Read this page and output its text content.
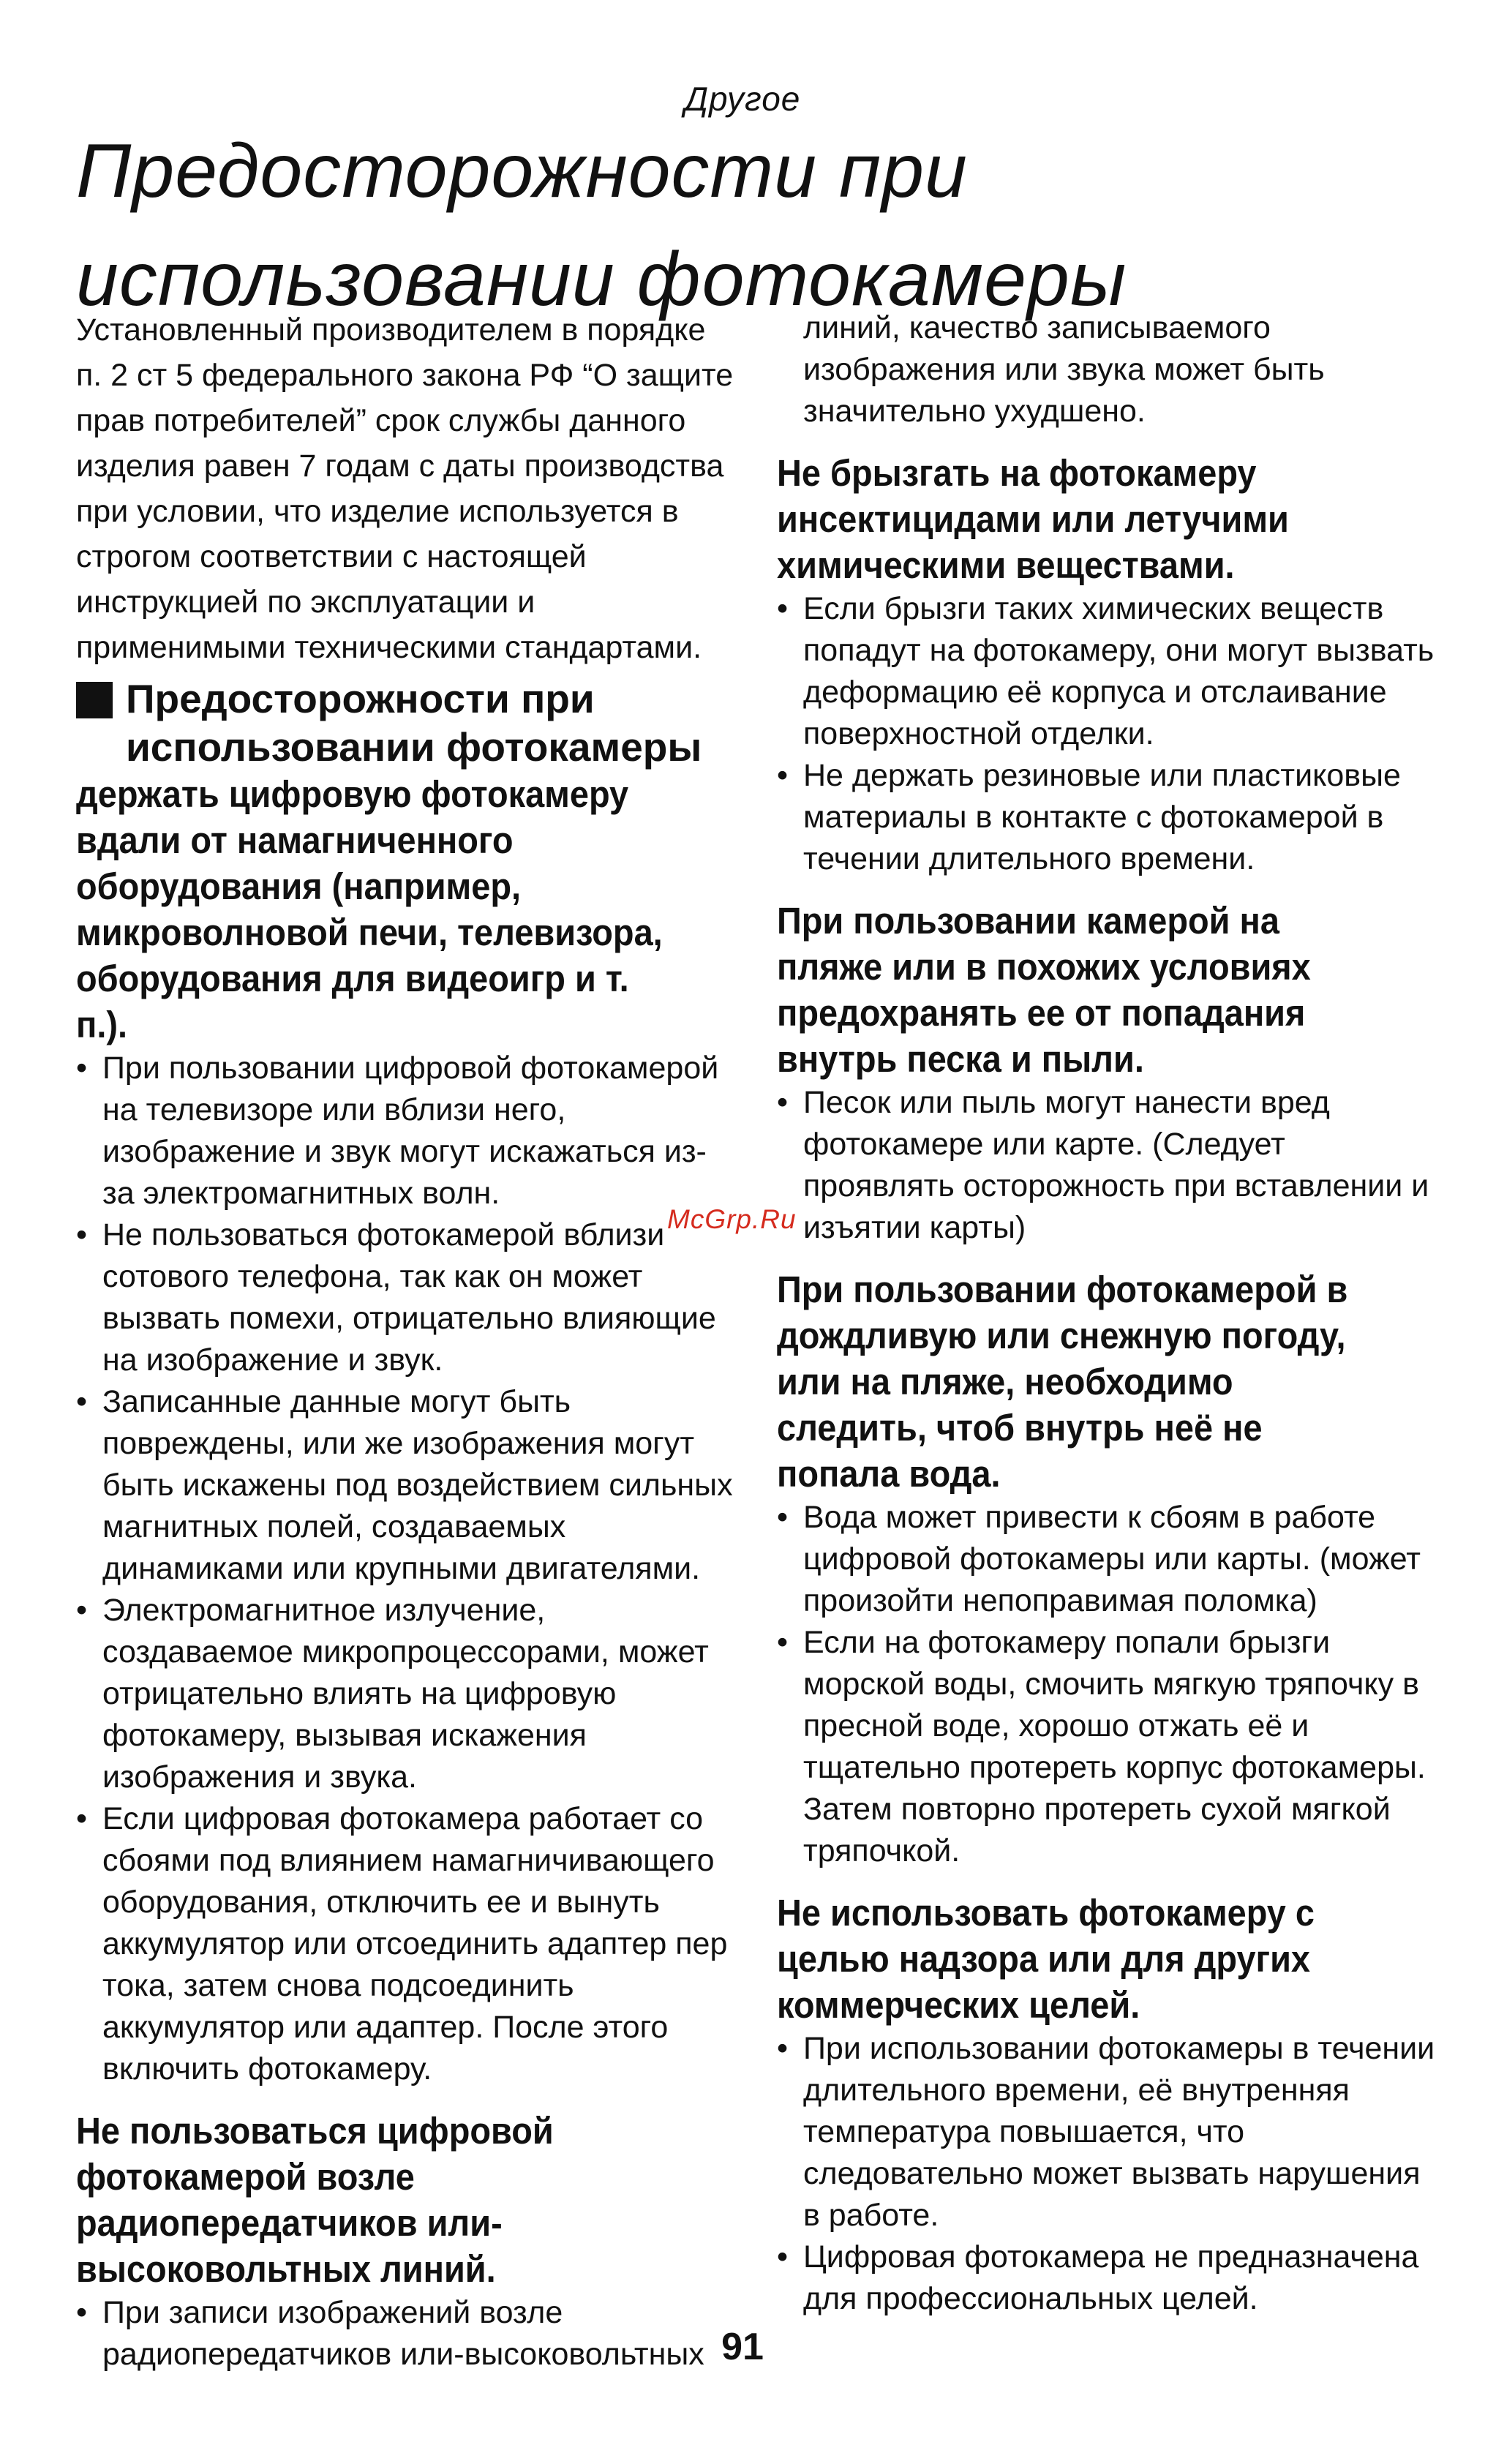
Другое
Предосторожности при использовании фотокамеры

Установленный производителем в порядке п. 2 ст 5 федерального закона РФ “О защите прав потребителей” срок службы данного изделия равен 7 годам с даты производства при условии, что изделие используется в строгом соответствии с настоящей инструкцией по эксплуатации и применимыми техническими стандартами.

Предосторожности при использовании фотокамеры
держать цифровую фотокамеру вдали от намагниченного оборудования (например, микроволновой печи, телевизора, оборудования для видеоигр и т. п.).
• При пользовании цифровой фотокамерой на телевизоре или вблизи него, изображение и звук могут искажаться из-за электромагнитных волн.
• Не пользоваться фотокамерой вблизи сотового телефона, так как он может вызвать помехи, отрицательно влияющие на изображение и звук.
• Записанные данные могут быть повреждены, или же изображения могут быть искажены под воздействием сильных магнитных полей, создаваемых динамиками или крупными двигателями.
• Электромагнитное излучение, создаваемое микропроцессорами, может отрицательно влиять на цифровую фотокамеру, вызывая искажения изображения и звука.
• Если цифровая фотокамера работает со сбоями под влиянием намагничивающего оборудования, отключить ее и вынуть аккумулятор или отсоединить адаптер пер тока, затем снова подсоединить аккумулятор или адаптер. После этого включить фотокамеру.
Не пользоваться цифровой фотокамерой возле радиопередатчиков или-высоковольтных линий.
• При записи изображений возле радиопередатчиков или-высоковольтных

линий, качество записываемого изображения или звука может быть значительно ухудшено.

Не брызгать на фотокамеру инсектицидами или летучими химическими веществами.
• Если брызги таких химических веществ попадут на фотокамеру, они могут вызвать деформацию её корпуса и отслаивание поверхностной отделки.
• Не держать резиновые или пластиковые материалы в контакте с фотокамерой в течении длительного времени.
При пользовании камерой на пляже или в похожих условиях предохранять ее от попадания внутрь песка и пыли.
• Песок или пыль могут нанести вред фотокамере или карте. (Следует проявлять осторожность при вставлении и изъятии карты)
При пользовании фотокамерой в дождливую или снежную погоду, или на пляже, необходимо следить, чтоб внутрь неё не попала вода.
• Вода может привести к сбоям в работе цифровой фотокамеры или карты. (может произойти непоправимая поломка)
• Если на фотокамеру попали брызги морской воды, смочить мягкую тряпочку в пресной воде, хорошо отжать её и тщательно протереть корпус фотокамеры. Затем повторно протереть сухой мягкой тряпочкой.
Не использовать фотокамеру с целью надзора или для других коммерческих целей.
• При использовании фотокамеры в течении длительного времени, её внутренняя температура повышается, что следовательно может вызвать нарушения в работе.
• Цифровая фотокамера не предназначена для профессиональных целей.
McGrp.Ru
91
